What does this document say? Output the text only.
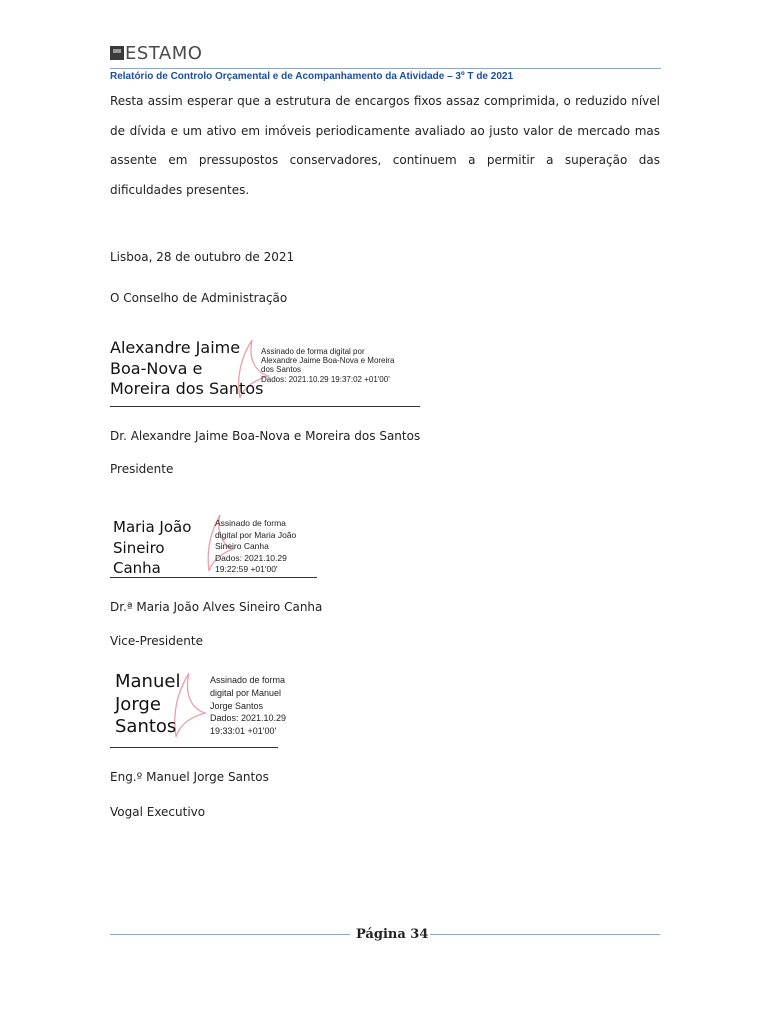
ESTAMO
Relatório de Controlo Orçamental e de Acompanhamento da Atividade – 3º T de 2021
Resta assim esperar que a estrutura de encargos fixos assaz comprimida, o reduzido nível de dívida e um ativo em imóveis periodicamente avaliado ao justo valor de mercado mas assente em pressupostos conservadores, continuem a permitir a superação das dificuldades presentes.
Lisboa, 28 de outubro de 2021
O Conselho de Administração
Alexandre Jaime
Boa-Nova e
Moreira dos Santos
Assinado de forma digital por
Alexandre Jaime Boa-Nova e Moreira
dos Santos
Dados: 2021.10.29 19:37:02 +01'00'
Dr. Alexandre Jaime Boa-Nova e Moreira dos Santos
Presidente
Maria João
Sineiro
Canha
Assinado de forma
digital por Maria João
Sineiro Canha
Dados: 2021.10.29
19:22:59 +01'00'
Dr.ª Maria João Alves Sineiro Canha
Vice-Presidente
Manuel
Jorge
Santos
Assinado de forma
digital por Manuel
Jorge Santos
Dados: 2021.10.29
19:33:01 +01'00'
Eng.º Manuel Jorge Santos
Vogal Executivo
Página 34
